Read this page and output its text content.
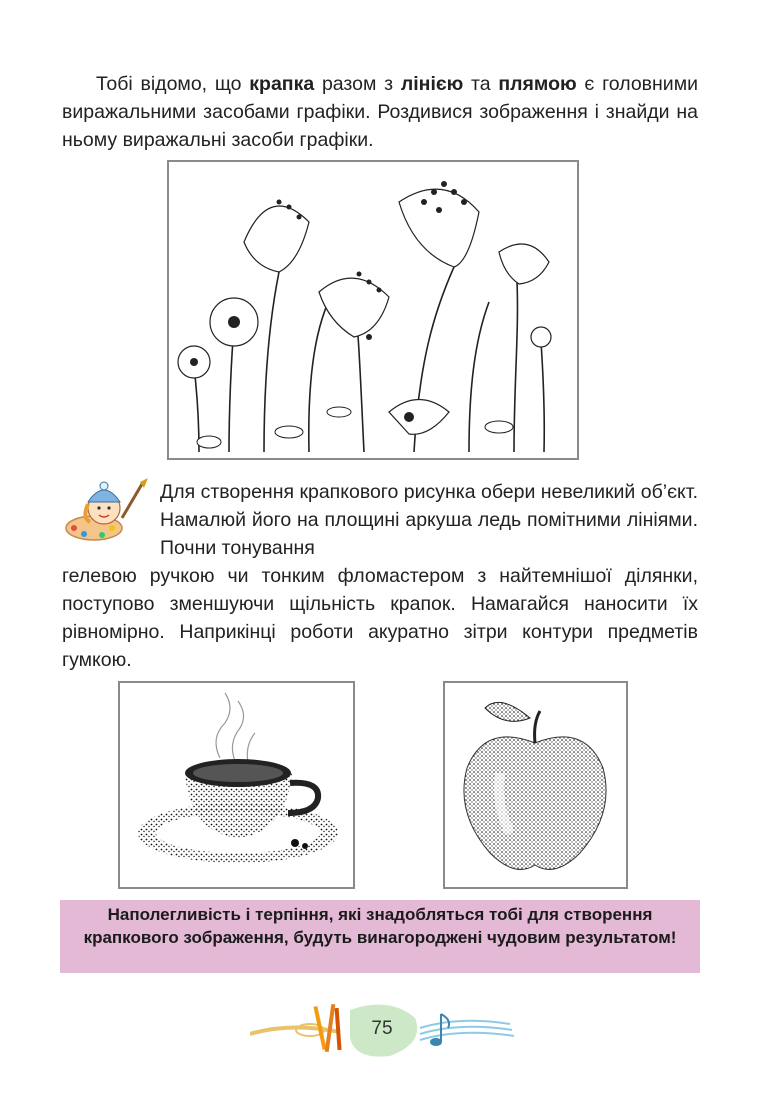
Тобі відомо, що крапка разом з лінією та плямою є головними виражальними засобами графіки. Роздивися зображення і знайди на ньому виражальні засоби графіки.

Для створення крапкового рисунка обери невеликий об’єкт. Намалюй його на площині аркуша ледь помітними лініями. Почни тонування

гелевою ручкою чи тонким фломастером з найтемнішої ділянки, поступово зменшуючи щільність крапок. Намагайся наносити їх рівномірно. Наприкінці роботи акуратно зітри контури предметів гумкою.

Наполегливість і терпіння, які знадобляться тобі для створення крапкового зображення, будуть винагороджені чудовим результатом!
75
